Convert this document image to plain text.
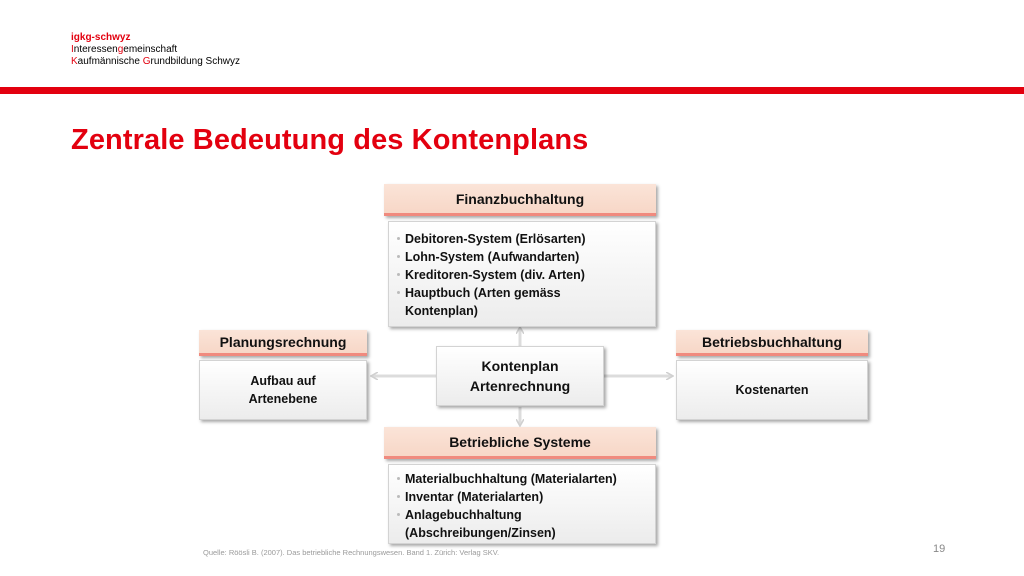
igkg-schwyz
Interessengemeinschaft
Kaufmännische Grundbildung Schwyz
Zentrale Bedeutung des Kontenplans
Finanzbuchhaltung
Debitoren-System (Erlösarten)
Lohn-System (Aufwandarten)
Kreditoren-System (div. Arten)
Hauptbuch (Arten gemäss
Kontenplan)
Planungsrechnung
Aufbau auf
Artenebene
Kontenplan
Artenrechnung
Betriebsbuchhaltung
Kostenarten
Betriebliche Systeme
Materialbuchhaltung (Materialarten)
Inventar (Materialarten)
Anlagebuchhaltung
(Abschreibungen/Zinsen)
Quelle: Röösli B. (2007). Das betriebliche Rechnungswesen. Band 1. Zürich: Verlag SKV.	19
